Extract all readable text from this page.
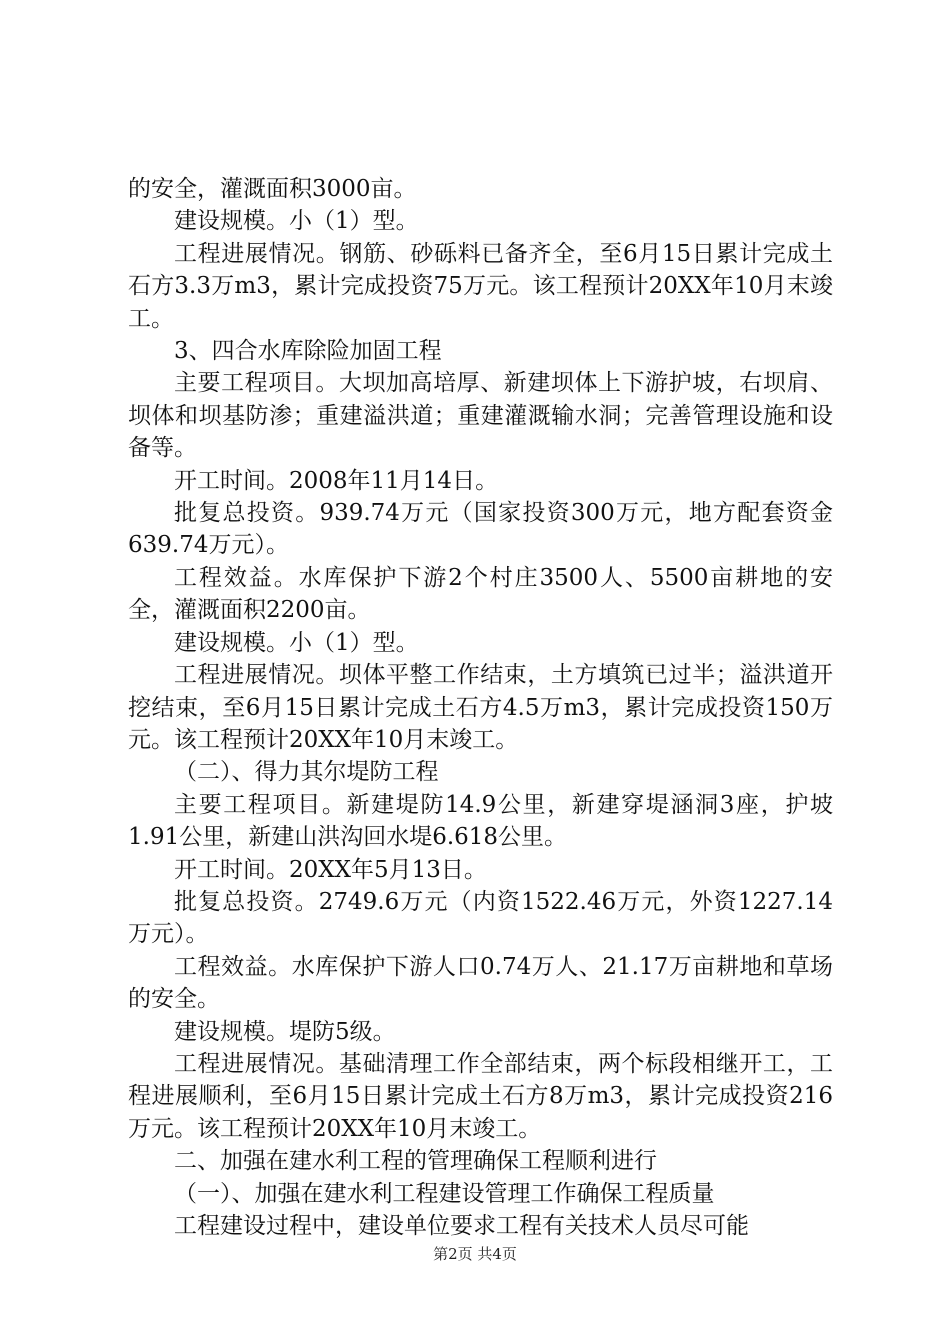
的安全，灌溉面积3000亩。

建设规模。小（1）型。

工程进展情况。钢筋、砂砾料已备齐全，至6月15日累计完成土石方3.3万m3，累计完成投资75万元。该工程预计20XX年10月末竣工。

3、四合水库除险加固工程

主要工程项目。大坝加高培厚、新建坝体上下游护坡，右坝肩、坝体和坝基防渗；重建溢洪道；重建灌溉输水洞；完善管理设施和设备等。

开工时间。2008年11月14日。

批复总投资。939.74万元（国家投资300万元，地方配套资金639.74万元）。

工程效益。水库保护下游2个村庄3500人、5500亩耕地的安全，灌溉面积2200亩。

建设规模。小（1）型。

工程进展情况。坝体平整工作结束，土方填筑已过半；溢洪道开挖结束，至6月15日累计完成土石方4.5万m3，累计完成投资150万元。该工程预计20XX年10月末竣工。

（二）、得力其尔堤防工程

主要工程项目。新建堤防14.9公里，新建穿堤涵洞3座，护坡1.91公里，新建山洪沟回水堤6.618公里。

开工时间。20XX年5月13日。

批复总投资。2749.6万元（内资1522.46万元，外资1227.14万元）。

工程效益。水库保护下游人口0.74万人、21.17万亩耕地和草场的安全。

建设规模。堤防5级。

工程进展情况。基础清理工作全部结束，两个标段相继开工，工程进展顺利，至6月15日累计完成土石方8万m3，累计完成投资216万元。该工程预计20XX年10月末竣工。

二、加强在建水利工程的管理确保工程顺利进行

（一）、加强在建水利工程建设管理工作确保工程质量

工程建设过程中，建设单位要求工程有关技术人员尽可能

第2页 共4页
